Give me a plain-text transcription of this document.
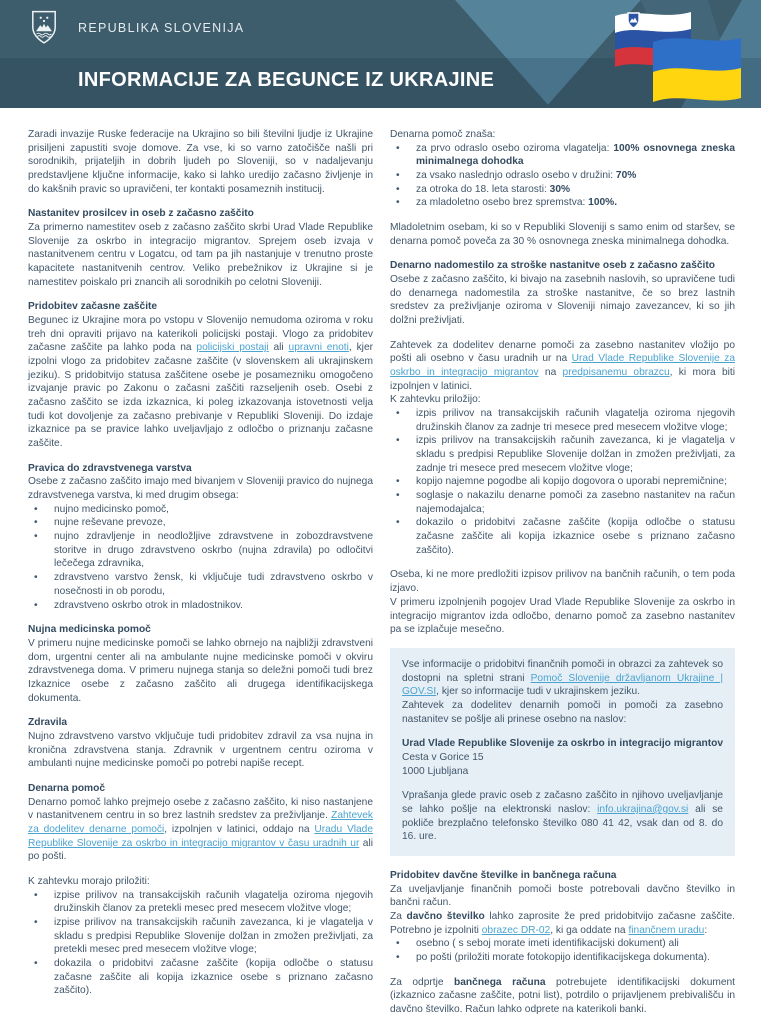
REPUBLIKA SLOVENIJA
INFORMACIJE ZA BEGUNCE IZ UKRAJINE

Zaradi invazije Ruske federacije na Ukrajino so bili številni ljudje iz Ukrajine prisiljeni zapustiti svoje domove. Za vse, ki so varno zatočišče našli pri sorodnikih, prijateljih in dobrih ljudeh po Sloveniji, so v nadaljevanju predstavljene ključne informacije, kako si lahko uredijo začasno življenje in do kakšnih pravic so upravičeni, ter kontakti posameznih institucij.

Nastanitev prosilcev in oseb z začasno zaščito

Za primerno namestitev oseb z začasno zaščito skrbi Urad Vlade Republike Slovenije za oskrbo in integracijo migrantov. Sprejem oseb izvaja v nastanitvenem centru v Logatcu, od tam pa jih nastanjuje v trenutno proste kapacitete nastanitvenih centrov. Veliko prebežnikov iz Ukrajine si je namestitev poiskalo pri znancih ali sorodnikih po celotni Sloveniji.

Pridobitev začasne zaščite

Begunec iz Ukrajine mora po vstopu v Slovenijo nemudoma oziroma v roku treh dni opraviti prijavo na katerikoli policijski postaji. Vlogo za pridobitev začasne zaščite pa lahko poda na policijski postaji ali upravni enoti, kjer izpolni vlogo za pridobitev začasne zaščite (v slovenskem ali ukrajinskem jeziku). S pridobitvijo statusa zaščitene osebe je posamezniku omogočeno izvajanje pravic po Zakonu o začasni zaščiti razseljenih oseb. Osebi z začasno zaščito se izda izkaznica, ki poleg izkazovanja istovetnosti velja tudi kot dovoljenje za začasno prebivanje v Republiki Sloveniji. Do izdaje izkaznice pa se pravice lahko uveljavljajo z odločbo o priznanju začasne zaščite.

Pravica do zdravstvenega varstva

Osebe z začasno zaščito imajo med bivanjem v Sloveniji pravico do nujnega zdravstvenega varstva, ki med drugim obsega:

• nujno medicinsko pomoč,
• nujne reševane prevoze,
• nujno zdravljenje in neodložljive zdravstvene in zobozdravstvene storitve in drugo zdravstveno oskrbo (nujna zdravila) po odločitvi lečečega zdravnika,
• zdravstveno varstvo žensk, ki vključuje tudi zdravstveno oskrbo v nosečnosti in ob porodu,
• zdravstveno oskrbo otrok in mladostnikov.
Nujna medicinska pomoč

V primeru nujne medicinske pomoči se lahko obrnejo na najbližji zdravstveni dom, urgentni center ali na ambulante nujne medicinske pomoči v okviru zdravstvenega doma. V primeru nujnega stanja so deležni pomoči tudi brez Izkaznice osebe z začasno zaščito ali drugega identifikacijskega dokumenta.

Zdravila

Nujno zdravstveno varstvo vključuje tudi pridobitev zdravil za vsa nujna in kronična zdravstvena stanja. Zdravnik v urgentnem centru oziroma v ambulanti nujne medicinske pomoči po potrebi napiše recept.

Denarna pomoč

Denarno pomoč lahko prejmejo osebe z začasno zaščito, ki niso nastanjene v nastanitvenem centru in so brez lastnih sredstev za preživljanje. Zahtevek za dodelitev denarne pomoči, izpolnjen v latinici, oddajo na Uradu Vlade Republike Slovenije za oskrbo in integracijo migrantov v času uradnih ur ali po pošti.

K zahtevku morajo priložiti:

• izpise prilivov na transakcijskih računih vlagatelja oziroma njegovih družinskih članov za pretekli mesec pred mesecem vložitve vloge;
• izpise prilivov na transakcijskih računih zavezanca, ki je vlagatelja v skladu s predpisi Republike Slovenije dolžan in zmožen preživljati, za pretekli mesec pred mesecem vložitve vloge;
• dokazila o pridobitvi začasne zaščite (kopija odločbe o statusu začasne zaščite ali kopija izkaznice osebe s priznano začasno zaščito).

Denarna pomoč znaša:

• za prvo odraslo osebo oziroma vlagatelja: 100% osnovnega zneska minimalnega dohodka
• za vsako naslednjo odraslo osebo v družini: 70%
• za otroka do 18. leta starosti: 30%
• za mladoletno osebo brez spremstva: 100%.

Mladoletnim osebam, ki so v Republiki Sloveniji s samo enim od staršev, se denarna pomoč poveča za 30 % osnovnega zneska minimalnega dohodka.

Denarno nadomestilo za stroške nastanitve oseb z začasno zaščito

Osebe z začasno zaščito, ki bivajo na zasebnih naslovih, so upravičene tudi do denarnega nadomestila za stroške nastanitve, če so brez lastnih sredstev za preživljanje oziroma v Sloveniji nimajo zavezancev, ki so jih dolžni preživljati.

Zahtevek za dodelitev denarne pomoči za zasebno nastanitev vložijo po pošti ali osebno v času uradnih ur na Urad Vlade Republike Slovenije za oskrbo in integracijo migrantov na predpisanemu obrazcu, ki mora biti izpolnjen v latinici.

K zahtevku priložijo:

• izpis prilivov na transakcijskih računih vlagatelja oziroma njegovih družinskih članov za zadnje tri mesece pred mesecem vložitve vloge;
• izpis prilivov na transakcijskih računih zavezanca, ki je vlagatelja v skladu s predpisi Republike Slovenije dolžan in zmožen preživljati, za zadnje tri mesece pred mesecem vložitve vloge;
• kopijo najemne pogodbe ali kopijo dogovora o uporabi nepremičnine;
• soglasje o nakazilu denarne pomoči za zasebno nastanitev na račun najemodajalca;
• dokazilo o pridobitvi začasne zaščite (kopija odločbe o statusu začasne zaščite ali kopija izkaznice osebe s priznano začasno zaščito).

Oseba, ki ne more predložiti izpisov prilivov na bančnih računih, o tem poda izjavo.

V primeru izpolnjenih pogojev Urad Vlade Republike Slovenije za oskrbo in integracijo migrantov izda odločbo, denarno pomoč za zasebno nastanitev pa se izplačuje mesečno.

Vse informacije o pridobitvi finančnih pomoči in obrazci za zahtevek so dostopni na spletni strani Pomoč Slovenije državljanom Ukrajine | GOV.SI, kjer so informacije tudi v ukrajinskem jeziku.

Zahtevek za dodelitev denarnih pomoči in pomoči za zasebno nastanitev se pošlje ali prinese osebno na naslov:

Urad Vlade Republike Slovenije za oskrbo in integracijo migrantov

Cesta v Gorice 15

1000 Ljubljana

Vprašanja glede pravic oseb z začasno zaščito in njihovo uveljavljanje se lahko pošlje na elektronski naslov: info.ukrajina@gov.si ali se pokliče brezplačno telefonsko številko 080 41 42, vsak dan od 8. do 16. ure.

Pridobitev davčne številke in bančnega računa

Za uveljavljanje finančnih pomoči boste potrebovali davčno številko in bančni račun.

Za davčno številko lahko zaprosite že pred pridobitvijo začasne zaščite. Potrebno je izpolniti obrazec DR-02, ki ga oddate na finančnem uradu:

• osebno ( s seboj morate imeti identifikacijski dokument) ali
• po pošti (priložiti morate fotokopijo identifikacijskega dokumenta).

Za odprtje bančnega računa potrebujete identifikacijski dokument (izkaznico začasne zaščite, potni list), potrdilo o prijavljenem prebivališču in davčno številko. Račun lahko odprete na katerikoli banki.
